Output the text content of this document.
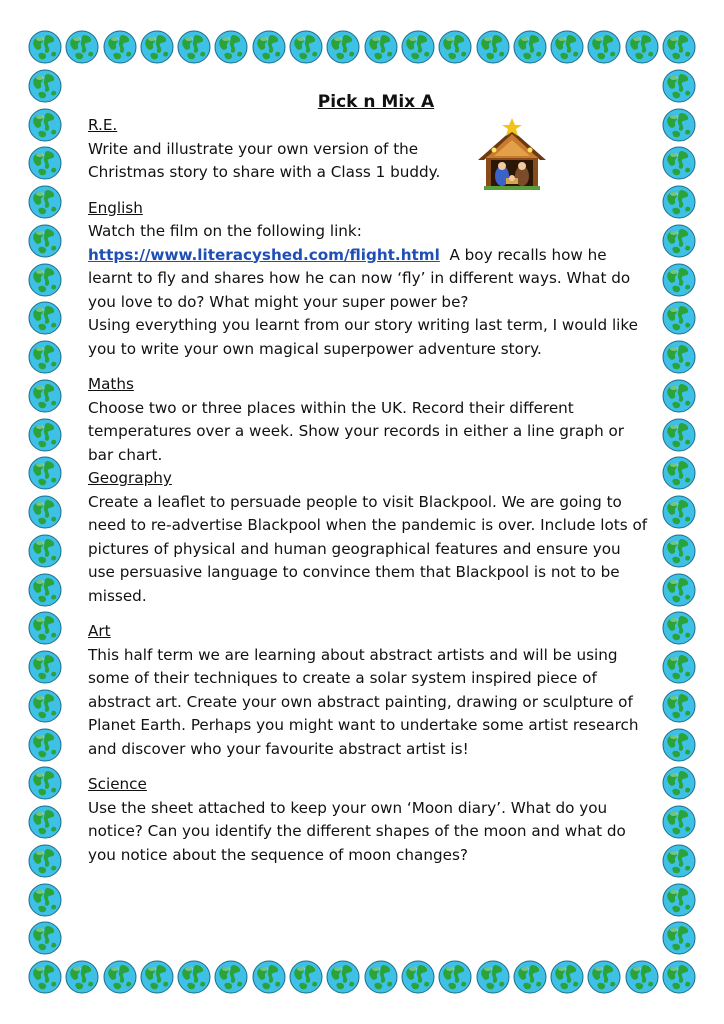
Pick n Mix A
R.E.

Write and illustrate your own version of the Christmas story to share with a Class 1 buddy.

English

Watch the film on the following link:

https://www.literacyshed.com/flight.html A boy recalls how he learnt to fly and shares how he can now ‘fly’ in different ways. What do you love to do? What might your super power be?

Using everything you learnt from our story writing last term, I would like you to write your own magical superpower adventure story.

Maths

Choose two or three places within the UK. Record their different temperatures over a week. Show your records in either a line graph or bar chart.

Geography

Create a leaflet to persuade people to visit Blackpool. We are going to need to re-advertise Blackpool when the pandemic is over. Include lots of pictures of physical and human geographical features and ensure you use persuasive language to convince them that Blackpool is not to be missed.

Art

This half term we are learning about abstract artists and will be using some of their techniques to create a solar system inspired piece of abstract art. Create your own abstract painting, drawing or sculpture of Planet Earth. Perhaps you might want to undertake some artist research and discover who your favourite abstract artist is!

Science

Use the sheet attached to keep your own ‘Moon diary’. What do you notice? Can you identify the different shapes of the moon and what do you notice about the sequence of moon changes?
